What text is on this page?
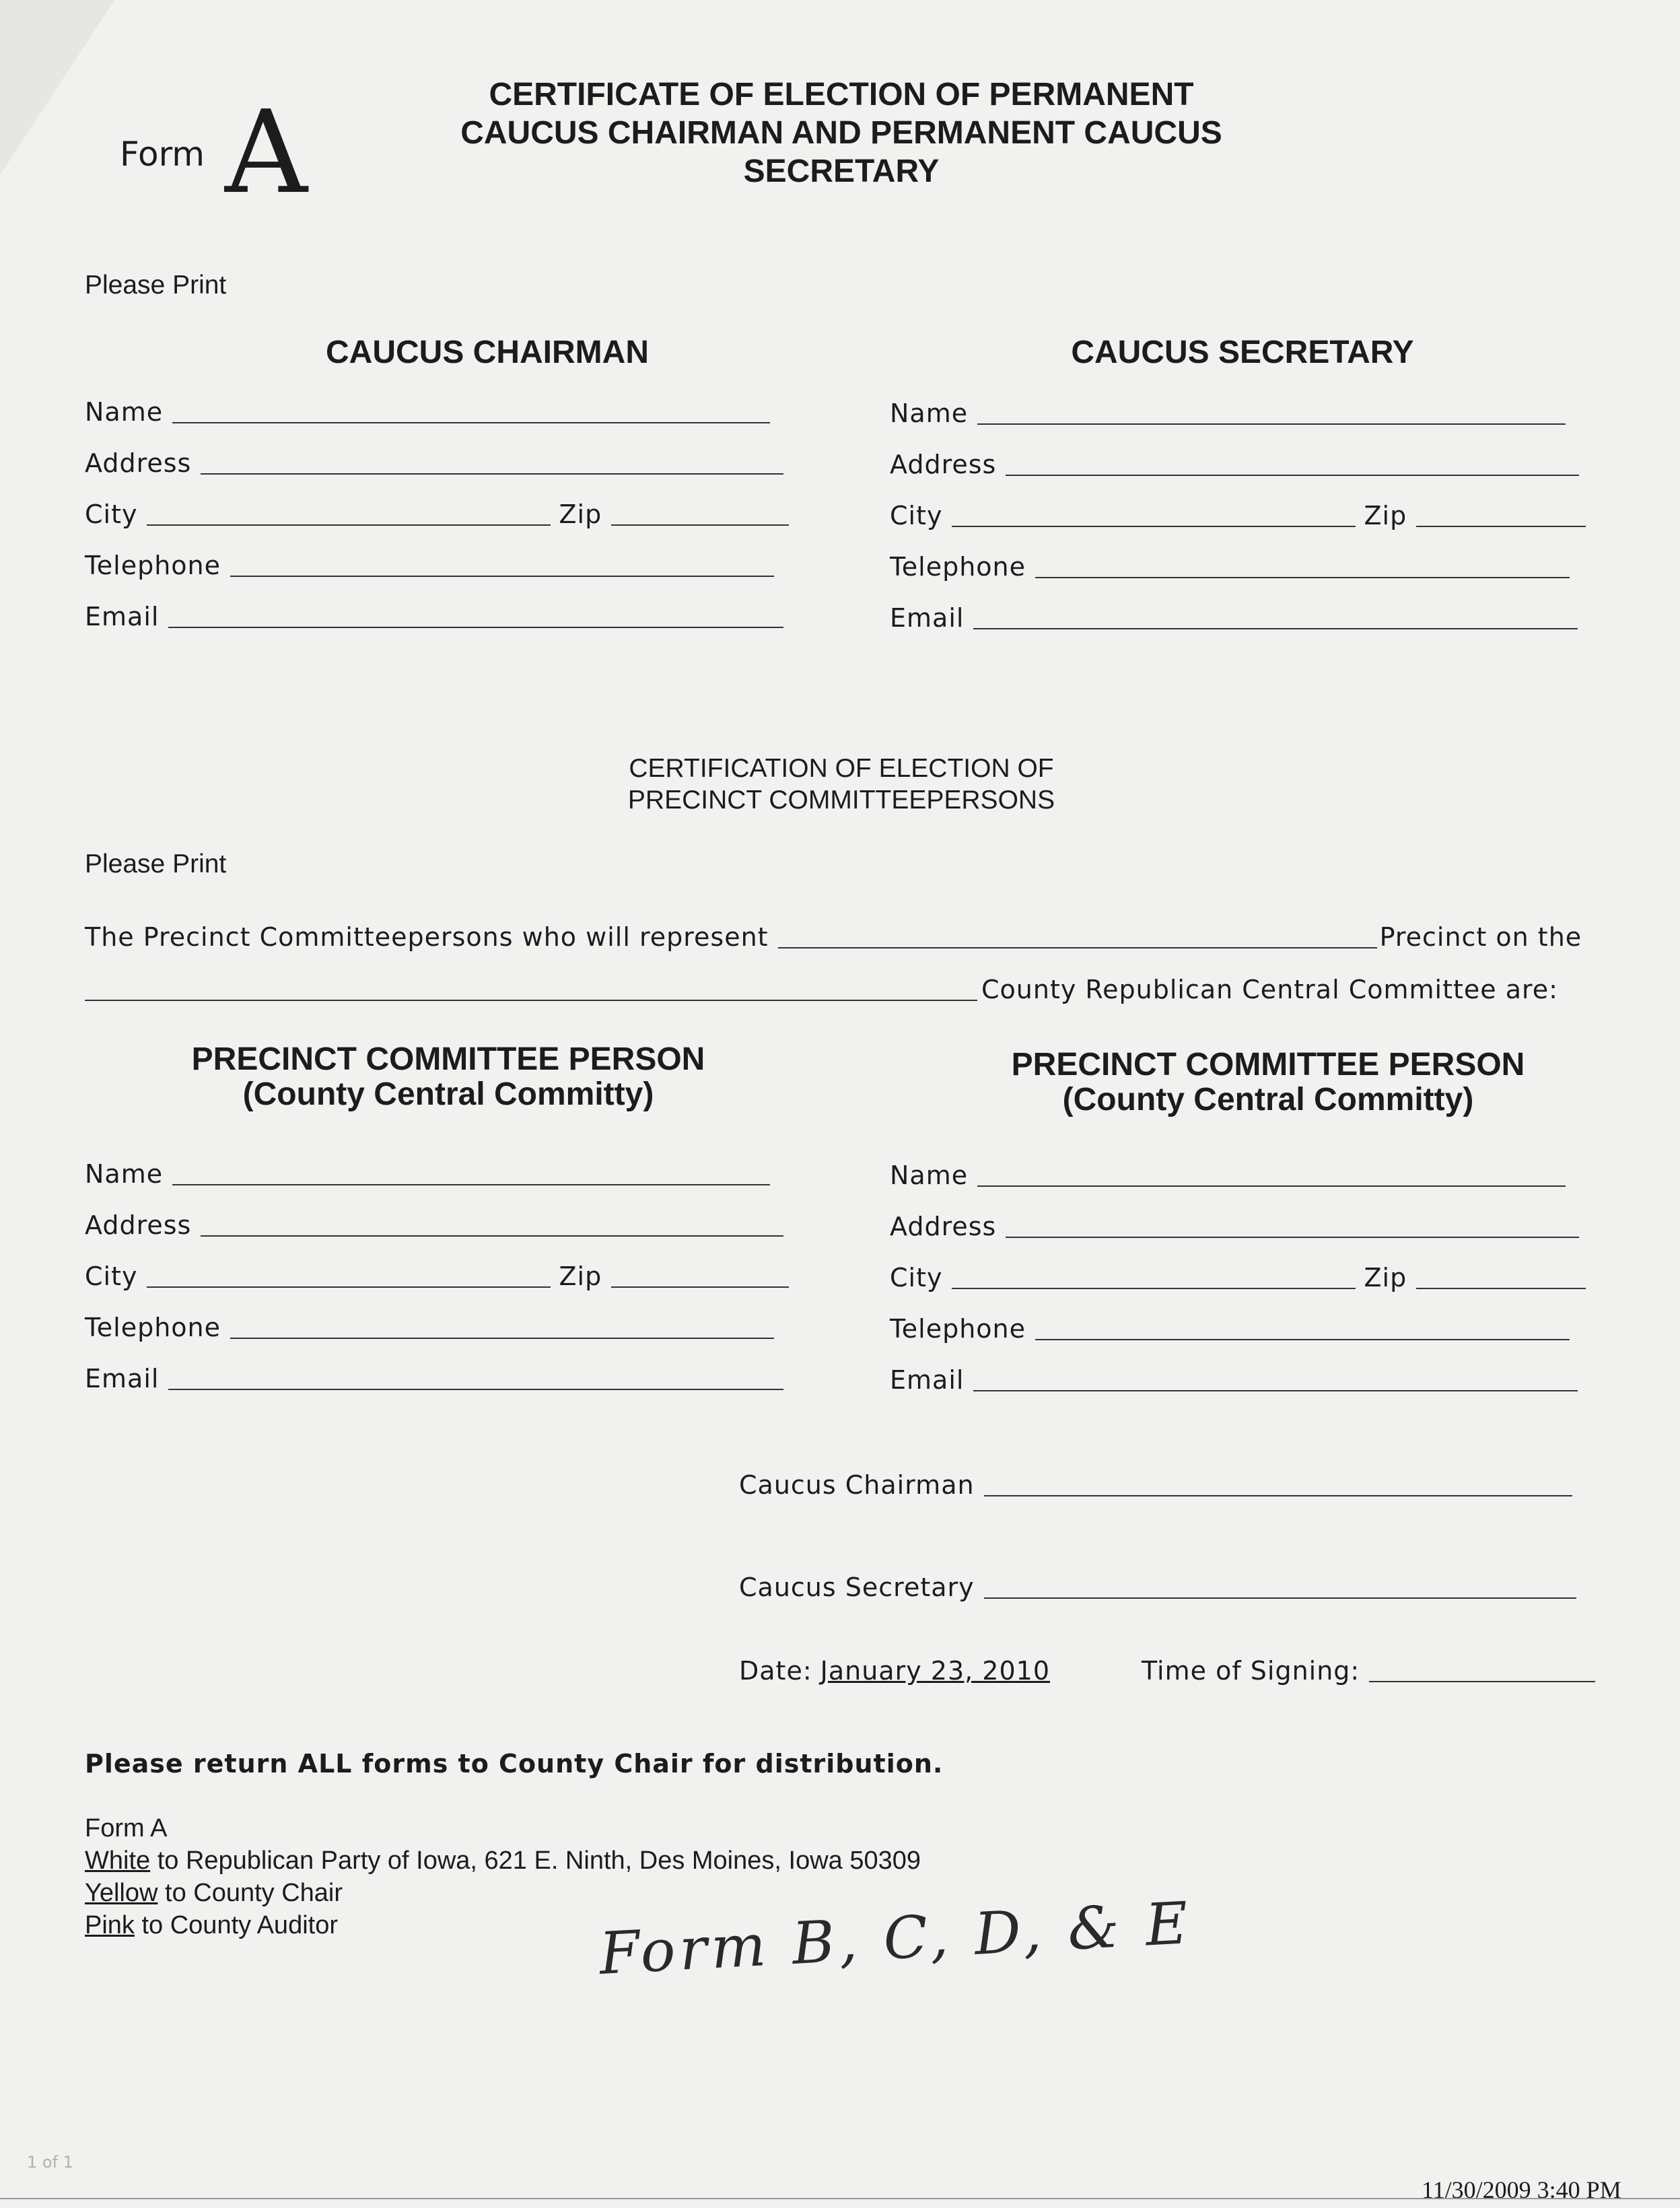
Form A	CERTIFICATE OF ELECTION OF PERMANENT
CAUCUS CHAIRMAN AND PERMANENT CAUCUS
SECRETARY
Please Print
CAUCUS CHAIRMAN	CAUCUS SECRETARY
Name
Address
City	Zip
Telephone
Email
Name
Address
City	Zip
Telephone
Email
CERTIFICATION OF ELECTION OF
PRECINCT COMMITTEEPERSONS
Please Print
The Precinct Committeepersons who will represent	Precinct on the
County Republican Central Committee are:
PRECINCT COMMITTEE PERSON
(County Central Committy)
PRECINCT COMMITTEE PERSON
(County Central Committy)
Name
Address
City	Zip
Telephone
Email
Name
Address
City	Zip
Telephone
Email
Caucus Chairman
Caucus Secretary
Date: January 23, 2010	Time of Signing:
Please return ALL forms to County Chair for distribution.
Form A
White to Republican Party of Iowa, 621 E. Ninth, Des Moines, Iowa 50309
Yellow to County Chair
Pink to County Auditor	Form B, C, D, & E
1 of 1
11/30/2009 3:40 PM
